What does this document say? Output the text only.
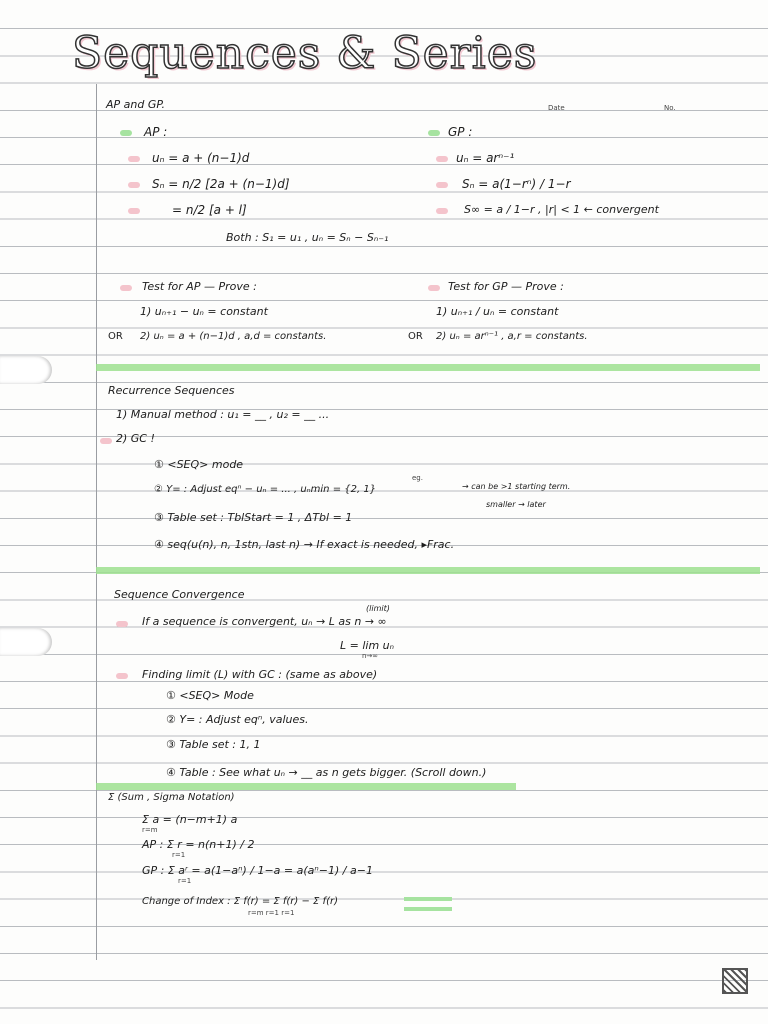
Sequences & Series
AP and GP.	Date	No.
AP :
uₙ = a + (n−1)d
Sₙ = n/2 [2a + (n−1)d]
= n/2 [a + l]
GP :
uₙ = arⁿ⁻¹
Sₙ = a(1−rⁿ) / 1−r
S∞ = a / 1−r , |r| < 1 ← convergent
Both : S₁ = u₁ , uₙ = Sₙ − Sₙ₋₁
Test for AP — Prove :
1) uₙ₊₁ − uₙ = constant
OR 2) uₙ = a + (n−1)d , a,d = constants.
Test for GP — Prove :
1) uₙ₊₁ / uₙ = constant
OR 2) uₙ = arⁿ⁻¹ , a,r = constants.
Recurrence Sequences
1) Manual method : u₁ = __ , u₂ = __ ...
2) GC !
① <SEQ> mode
eg.
② Y= : Adjust eqⁿ − uₙ = ... , uₙmin = {2, 1}	→ can be >1 starting term.
smaller → later
③ Table set : TblStart = 1 , ΔTbl = 1
④ seq(u(n), n, 1stn, last n) → If exact is needed, ▸Frac.
Sequence Convergence
(limit)
If a sequence is convergent, uₙ → L as n → ∞
L = lim uₙ
n→∞
Finding limit (L) with GC : (same as above)
① <SEQ> Mode
② Y= : Adjust eqⁿ, values.
③ Table set : 1, 1
④ Table : See what uₙ → __ as n gets bigger. (Scroll down.)
Σ (Sum , Sigma Notation)
Σ a = (n−m+1) a
r=m
AP : Σ r = n(n+1) / 2
r=1
GP : Σ aʳ = a(1−aⁿ) / 1−a = a(aⁿ−1) / a−1
r=1
Change of Index : Σ f(r) = Σ f(r) − Σ f(r)
r=m r=1 r=1
